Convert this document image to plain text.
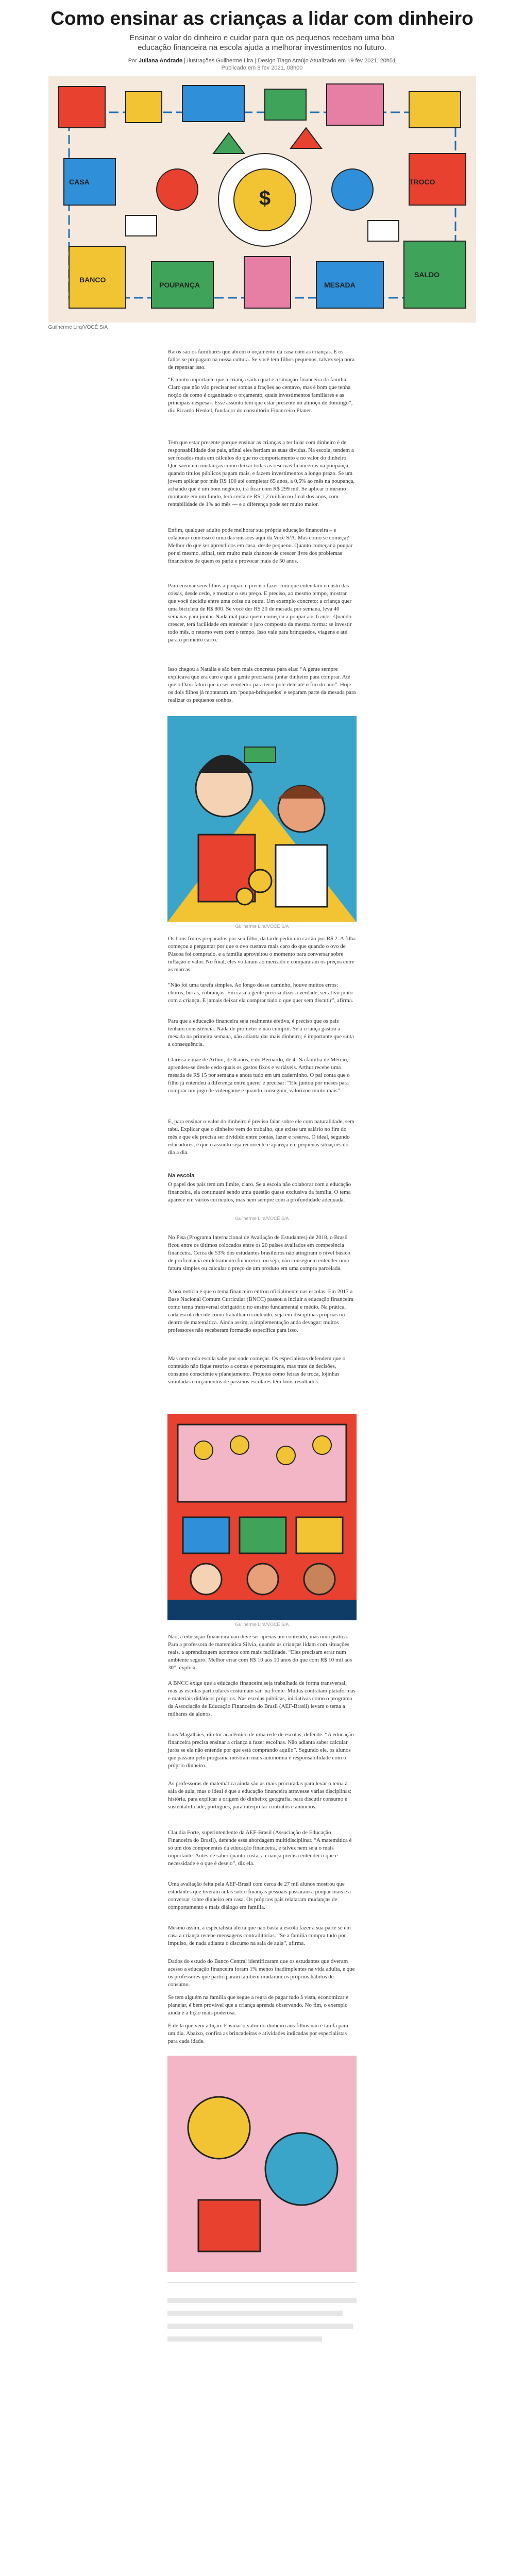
Como ensinar as crianças a lidar com dinheiro

Ensinar o valor do dinheiro e cuidar para que os pequenos recebam uma boa educação financeira na escola ajuda a melhorar investimentos no futuro.

Por Juliana Andrade | Ilustrações Guilherme Lira | Design Tiago Araújo Atualizado em 19 fev 2021, 20h51
Publicado em 8 fev 2021, 08h00
CASA	TROCO
BANCO
POUPANÇA	MESADA
SALDO
$
Guilherme Lira/VOCÊ S/A

Raros são os familiares que abrem o orçamento da casa com as crianças. E os fallos se propagam na nossa cultura. Se você tem filhos pequenos, talvez seja hora de repensar isso.

“É muito importante que a criança saiba qual é a situação financeira da família. Claro que não vão precisar ser somas a frações ao centavo, mas é bom que tenha noção de como é organizado o orçamento, quais investimentos familiares e as principais despesas. Esse assunto tem que estar presente no almoço de domingo”, diz Ricardo Henkel, fundador do consultório Financeiro Planer.

Tem que estar presente porque ensinar as crianças a ter lidar com dinheiro é de responsabilidade dos pais, afinal eles herdam as suas dívidas. Na escola, tendem a ser focados mais em cálculos do que no comportamento e no valor do dinheiro. Que saem em mudanças como deixar todas as reservas financeiras na poupança, quando títulos públicos pagam mais, e fazem investimentos a longo prazo. Se um jovem aplicar por mês R$ 100 até completar 65 anos, a 0,5% ao mês na poupança, achando que é um bom negócio, irá ficar com R$ 299 mil. Se aplicar o mesmo montante em um fundo, terá cerca de R$ 1,2 milhão no final dos anos, com rentabilidade de 1% ao mês — e a diferença pode ser muito maior.

Enfim, qualquer adulto pode melhorar sua própria educação financeira – e colaborar com isso é uma das missões aqui da Você S/A. Mas como se começa? Melhor do que ser aprendidos em casa, desde pequeno. Quanto começar a poupar por si mesmo, afinal, tem muito mais chances de crescer livre dos problemas financeiros de quem os pariu e provocar mais de 50 anos.

Para ensinar seus filhos a poupar, é preciso fazer com que entendam o custo das coisas, desde cedo, e mostrar o seu preço. E preciso, ao mesmo tempo, mostrar que você decidiu entre uma coisa ou outra. Um exemplo concreto: a criança quer uma bicicleta de R$ 800. Se você der R$ 20 de mesada por semana, leva 40 semanas para juntar. Nada mal para quem começou a poupar aos 6 anos. Quando crescer, terá facilidade em entender o juro composto da mesma forma: se investir todo mês, o retorno vem com o tempo. Isso vale para brinquedos, viagens e até para o primeiro carro.

Isso chegou a Natália e são bem mais concretas para elas: “A gente sempre explicava que era caro e que a gente precisaria juntar dinheiro para comprar. Até que o Davi falou que ia ser vendedor para ter o pote dele até o fim do ano”. Hoje os dois filhos já montaram um ‘poupa-brinquedos’ e separam parte da mesada para realizar os pequenos sonhos.

Guilherme Lira/VOCÊ S/A

Os bons frutos preparados por seu filho, da tarde pediu um cartão por R$ 2. A filha começou a perguntar por que o ovo custava mais caro do que quando o ovo de Páscoa foi comprado, e a família aproveitou o momento para conversar sobre inflação e valor. No final, eles voltaram ao mercado e compararam os preços entre as marcas.

“Não foi uma tarefa simples. Ao longo desse caminho, houve muitos erros: choros, birras, cobranças. Em casa a gente precisa dizer a verdade, ser ativo junto com a criança. E jamais deixar ela comprar tudo o que quer sem discutir”, afirma.

Para que a educação financeira seja realmente efetiva, é preciso que os pais tenham consistência. Nada de prometer e não cumprir. Se a criança gastou a mesada na primeira semana, não adianta dar mais dinheiro; é importante que sinta a consequência.

Clarissa é mãe de Arthur, de 8 anos, e do Bernardo, de 4. Na família de Mércio, aprendeu-se desde cedo quais os gastos fixos e variáveis. Arthur recebe uma mesada de R$ 15 por semana e anota tudo em um caderninho. O pai conta que o filho já entendeu a diferença entre querer e precisar: “Ele juntou por meses para comprar um jogo de videogame e quando conseguiu, valorizou muito mais”.

E, para ensinar o valor do dinheiro é preciso falar sobre ele com naturalidade, sem tabu. Explicar que o dinheiro vem do trabalho, que existe um salário no fim do mês e que ele precisa ser dividido entre contas, lazer e reserva. O ideal, segundo educadores, é que o assunto seja recorrente e apareça em pequenas situações do dia a dia.

Na escola

O papel dos pais tem um limite, claro. Se a escola não colaborar com a educação financeira, ela continuará sendo uma questão quase exclusiva da família. O tema aparece em vários currículos, mas nem sempre com a profundidade adequada.

Guilherme Lira/VOCÊ S/A

No Pisa (Programa Internacional de Avaliação de Estudantes) de 2018, o Brasil ficou entre os últimos colocados entre os 20 países avaliados em competência financeira. Cerca de 53% dos estudantes brasileiros não atingiram o nível básico de proficiência em letramento financeiro, ou seja, não conseguem entender uma fatura simples ou calcular o preço de um produto em uma compra parcelada.

A boa notícia é que o tema financeiro entrou oficialmente nas escolas. Em 2017 a Base Nacional Comum Curricular (BNCC) passou a incluir a educação financeira como tema transversal obrigatório no ensino fundamental e médio. Na prática, cada escola decide como trabalhar o conteúdo, seja em disciplinas próprias ou dentro de matemática. Ainda assim, a implementação anda devagar: muitos professores não receberam formação específica para isso.

Mas nem toda escola sabe por onde começar. Os especialistas defendem que o conteúdo não fique restrito a contas e porcentagens, mas trate de decisões, consumo consciente e planejamento. Projetos como feiras de troca, lojinhas simuladas e orçamentos de passeios escolares têm bons resultados.

Guilherme Lira/VOCÊ S/A

Não, a educação financeira não deve ser apenas um conteúdo, mas uma prática. Para a professora de matemática Silvia, quando as crianças lidam com situações reais, a aprendizagem acontece com mais facilidade. “Eles precisam errar num ambiente seguro. Melhor errar com R$ 10 aos 10 anos do que com R$ 10 mil aos 30”, explica.

A BNCC exige que a educação financeira seja trabalhada de forma transversal, mas as escolas particulares costumam sair na frente. Muitas contratam plataformas e materiais didáticos próprios. Nas escolas públicas, iniciativas como o programa da Associação de Educação Financeira do Brasil (AEF-Brasil) levam o tema a milhares de alunos.

Luis Magalhães, diretor acadêmico de uma rede de escolas, defende: “A educação financeira precisa ensinar a criança a fazer escolhas. Não adianta saber calcular juros se ela não entende por que está comprando aquilo”. Segundo ele, os alunos que passam pelo programa mostram mais autonomia e responsabilidade com o próprio dinheiro.

As professoras de matemática ainda são as mais procuradas para levar o tema à sala de aula, mas o ideal é que a educação financeira atravesse várias disciplinas: história, para explicar a origem do dinheiro; geografia, para discutir consumo e sustentabilidade; português, para interpretar contratos e anúncios.

Claudia Forte, superintendente da AEF-Brasil (Associação de Educação Financeira do Brasil), defende essa abordagem multidisciplinar. “A matemática é só um dos componentes da educação financeira, e talvez nem seja o mais importante. Antes de saber quanto custa, a criança precisa entender o que é necessidade e o que é desejo”, diz ela.

Uma avaliação feita pela AEF-Brasil com cerca de 27 mil alunos mostrou que estudantes que tiveram aulas sobre finanças pessoais passaram a poupar mais e a conversar sobre dinheiro em casa. Os próprios pais relataram mudanças de comportamento e mais diálogo em família.

Mesmo assim, a especialista alerta que não basta a escola fazer a sua parte se em casa a criança recebe mensagens contraditórias. “Se a família compra tudo por impulso, de nada adianta o discurso na sala de aula”, afirma.

Dados do estudo do Banco Central identificaram que os estudantes que tiveram acesso a educação financeira foram 1% menos inadimplentes na vida adulta, e que os professores que participaram também mudaram os próprios hábitos de consumo.

Se tem alguém na família que segue a regra de pagar tudo à vista, economizar e planejar, é bem provável que a criança aprenda observando. No fim, o exemplo ainda é a lição mais poderosa.

É de lá que vem a lição: Ensinar o valor do dinheiro aos filhos não é tarefa para um dia. Abaixo, confira as brincadeiras e atividades indicadas por especialistas para cada idade.
